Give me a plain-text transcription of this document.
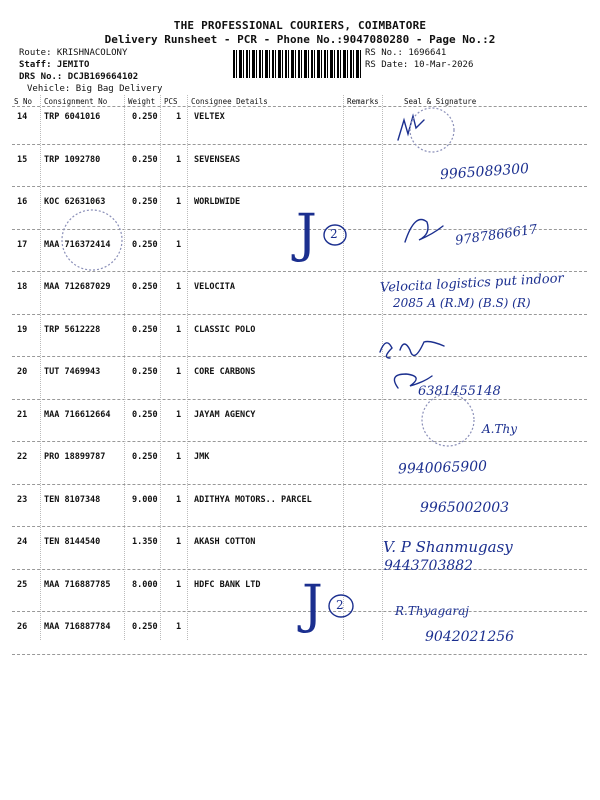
THE PROFESSIONAL COURIERS, COIMBATORE
Delivery Runsheet - PCR - Phone No.:9047080280 - Page No.:2
Route: KRISHNACOLONY
Staff: JEMITO
DRS No.: DCJB169664102
Vehicle: Big Bag Delivery
RS No.: 1696641
RS Date: 10-Mar-2026
S No Consignment No	Weight PCS Consignee Details	Remarks	Seal & Signature
14 TRP 6041016	0.250 1 VELTEX
15 TRP 1092780	0.250 1 SEVENSEAS
16 KOC 62631063	0.250 1 WORLDWIDE
17 MAA 716372414	0.250 1
18 MAA 712687029	0.250 1 VELOCITA
19 TRP 5612228	0.250 1 CLASSIC POLO
20 TUT 7469943	0.250 1 CORE CARBONS
21 MAA 716612664	0.250 1 JAYAM AGENCY
22 PRO 18899787	0.250 1 JMK
23 TEN 8107348	9.000 1 ADITHYA MOTORS.. PARCEL
24 TEN 8144540	1.350 1 AKASH COTTON
25 MAA 716887785	8.000 1 HDFC BANK LTD
26 MAA 716887784	0.250 1
J 2
J 2
9965089300
9787866617
Velocita logistics put indoor
2085 A (R.M) (B.S) (R)
6381455148
A.Thy
9940065900
9965002003
V. P Shanmugasy
9443703882
R.Thyagaraj
9042021256
